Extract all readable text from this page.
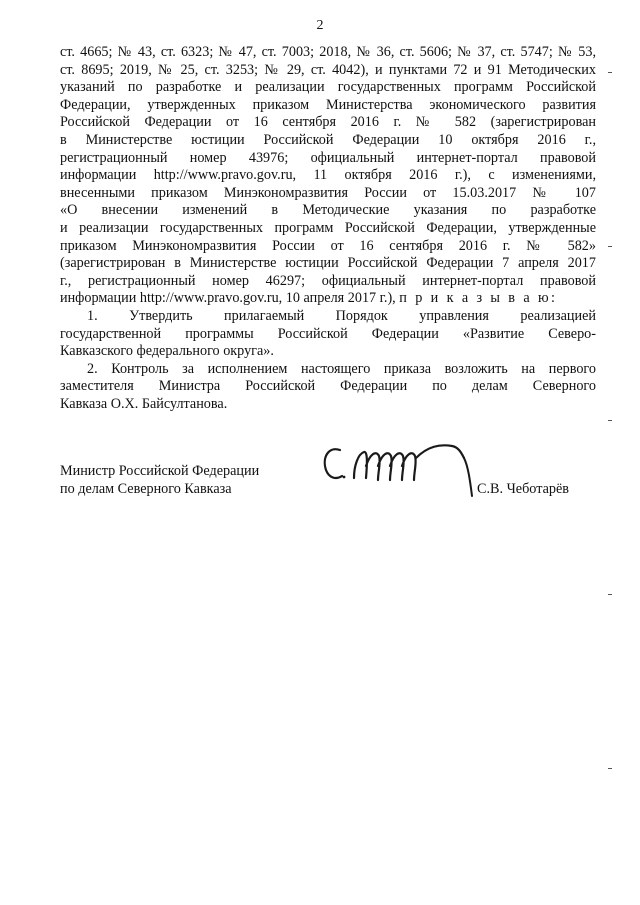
2
ст. 4665; № 43, ст. 6323; № 47, ст. 7003; 2018, № 36, ст. 5606; № 37, ст. 5747; № 53,
ст. 8695; 2019, № 25, ст. 3253; № 29, ст. 4042), и пунктами 72 и 91 Методических
указаний по разработке и реализации государственных программ Российской
Федерации, утвержденных приказом Министерства экономического развития
Российской Федерации от 16 сентября 2016 г. № 582 (зарегистрирован
в Министерстве юстиции Российской Федерации 10 октября 2016 г.,
регистрационный номер 43976; официальный интернет-портал правовой
информации http://www.pravo.gov.ru, 11 октября 2016 г.), с изменениями,
внесенными приказом Минэкономразвития России от 15.03.2017 № 107
«О внесении изменений в Методические указания по разработке
и реализации государственных программ Российской Федерации, утвержденные
приказом Минэкономразвития России от 16 сентября 2016 г. № 582»
(зарегистрирован в Министерстве юстиции Российской Федерации 7 апреля 2017
г., регистрационный номер 46297; официальный интернет-портал правовой
информации http://www.pravo.gov.ru, 10 апреля 2017 г.), п р и к а з ы в а ю:
1. Утвердить прилагаемый Порядок управления реализацией
государственной программы Российской Федерации «Развитие Северо-
Кавказского федерального округа».
2. Контроль за исполнением настоящего приказа возложить на первого
заместителя Министра Российской Федерации по делам Северного
Кавказа О.Х. Байсултанова.
Министр Российской Федерации
по делам Северного Кавказа	С.В. Чеботарёв
